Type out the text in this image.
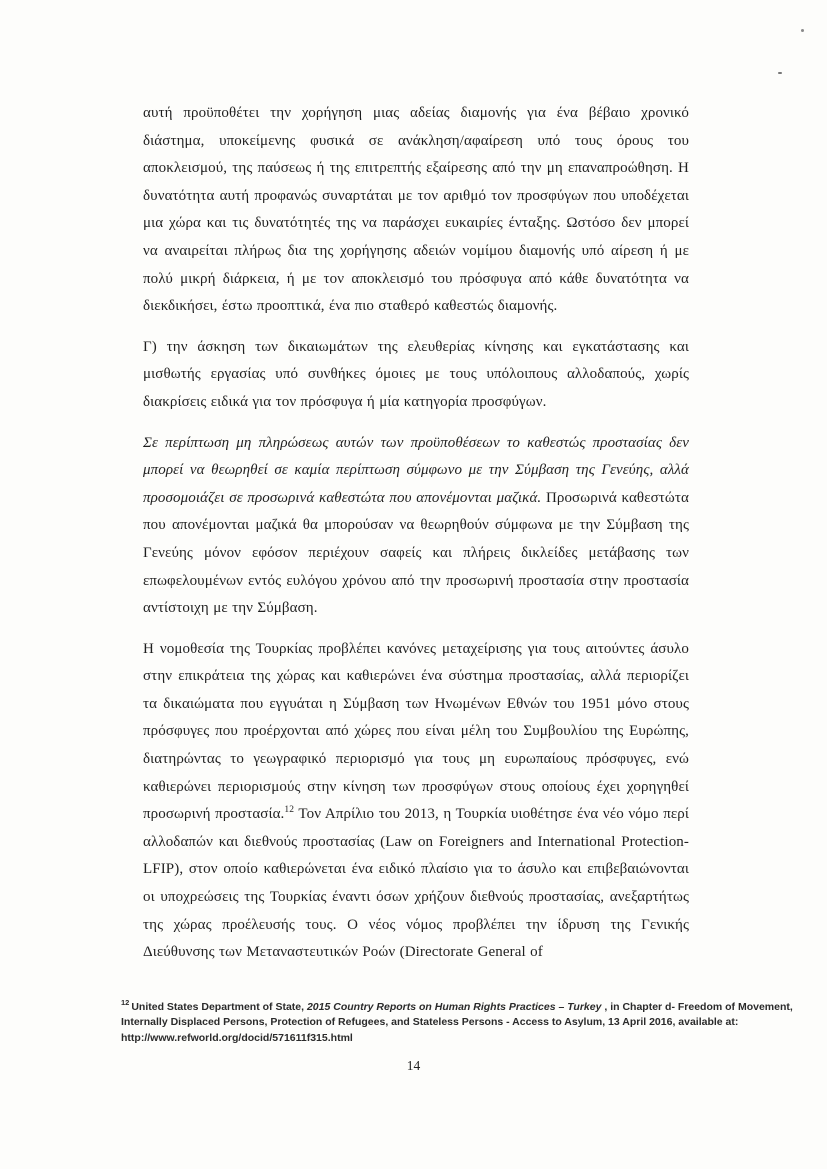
αυτή προϋποθέτει την χορήγηση μιας αδείας διαμονής για ένα βέβαιο χρονικό διάστημα, υποκείμενης φυσικά σε ανάκληση/αφαίρεση υπό τους όρους του αποκλεισμού, της παύσεως ή της επιτρεπτής εξαίρεσης από την μη επαναπροώθηση. Η δυνατότητα αυτή προφανώς συναρτάται με τον αριθμό τον προσφύγων που υποδέχεται μια χώρα και τις δυνατότητές της να παράσχει ευκαιρίες ένταξης. Ωστόσο δεν μπορεί να αναιρείται πλήρως δια της χορήγησης αδειών νομίμου διαμονής υπό αίρεση ή με πολύ μικρή διάρκεια, ή με τον αποκλεισμό του πρόσφυγα από κάθε δυνατότητα να διεκδικήσει, έστω προοπτικά, ένα πιο σταθερό καθεστώς διαμονής.

Γ) την άσκηση των δικαιωμάτων της ελευθερίας κίνησης και εγκατάστασης και μισθωτής εργασίας υπό συνθήκες όμοιες με τους υπόλοιπους αλλοδαπούς, χωρίς διακρίσεις ειδικά για τον πρόσφυγα ή μία κατηγορία προσφύγων.

Σε περίπτωση μη πληρώσεως αυτών των προϋποθέσεων το καθεστώς προστασίας δεν μπορεί να θεωρηθεί σε καμία περίπτωση σύμφωνο με την Σύμβαση της Γενεύης, αλλά προσομοιάζει σε προσωρινά καθεστώτα που απονέμονται μαζικά. Προσωρινά καθεστώτα που απονέμονται μαζικά θα μπορούσαν να θεωρηθούν σύμφωνα με την Σύμβαση της Γενεύης μόνον εφόσον περιέχουν σαφείς και πλήρεις δικλείδες μετάβασης των επωφελουμένων εντός ευλόγου χρόνου από την προσωρινή προστασία στην προστασία αντίστοιχη με την Σύμβαση.

Η νομοθεσία της Τουρκίας προβλέπει κανόνες μεταχείρισης για τους αιτούντες άσυλο στην επικράτεια της χώρας και καθιερώνει ένα σύστημα προστασίας, αλλά περιορίζει τα δικαιώματα που εγγυάται η Σύμβαση των Ηνωμένων Εθνών του 1951 μόνο στους πρόσφυγες που προέρχονται από χώρες που είναι μέλη του Συμβουλίου της Ευρώπης, διατηρώντας το γεωγραφικό περιορισμό για τους μη ευρωπαίους πρόσφυγες, ενώ καθιερώνει περιορισμούς στην κίνηση των προσφύγων στους οποίους έχει χορηγηθεί προσωρινή προστασία.$^{12}$ Τον Απρίλιο του 2013, η Τουρκία υιοθέτησε ένα νέο νόμο περί αλλοδαπών και διεθνούς προστασίας (Law on Foreigners and International Protection- LFIP), στον οποίο καθιερώνεται ένα ειδικό πλαίσιο για το άσυλο και επιβεβαιώνονται οι υποχρεώσεις της Τουρκίας έναντι όσων χρήζουν διεθνούς προστασίας, ανεξαρτήτως της χώρας προέλευσής τους. Ο νέος νόμος προβλέπει την ίδρυση της Γενικής Διεύθυνσης των Μεταναστευτικών Ροών (Directorate General of

$^{12}$ United States Department of State, 2015 Country Reports on Human Rights Practices – Turkey , in Chapter d- Freedom of Movement, Internally Displaced Persons, Protection of Refugees, and Stateless Persons - Access to Asylum, 13 April 2016, available at: http://www.refworld.org/docid/571611f315.html
14
